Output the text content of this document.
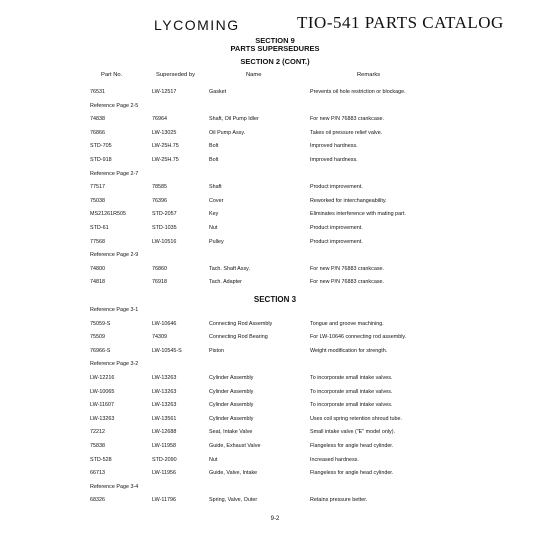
LYCOMING	TIO-541 PARTS CATALOG
SECTION 9
PARTS SUPERSEDURES
SECTION 2 (CONT.)
Part No.	Superseded by	Name	Remarks
76531	LW-12517	Gasket	Prevents oil hole restriction or blockage.
Reference Page 2-5
74838	76964	Shaft, Oil Pump Idler	For new P/N 76883 crankcase.
76866	LW-13025	Oil Pump Assy.	Takes oil pressure relief valve.
STD-705	LW-25H.75	Bolt	Improved hardness.
STD-918	LW-25H.75	Bolt	Improved hardness.
Reference Page 2-7
77517	78585	Shaft	Product improvement.
75038	76396	Cover	Reworked for interchangeability.
MS21261R505	STD-2057	Key	Eliminates interference with mating part.
STD-61	STD-1035	Nut	Product improvement.
77568	LW-10516	Pulley	Product improvement.
Reference Page 2-9
74800	76860	Tach. Shaft Assy.	For new P/N 76883 crankcase.
74818	76918	Tach. Adapter	For new P/N 76883 crankcase.
SECTION 3
Reference Page 3-1
75059-S	LW-10646	Connecting Rod Assembly	Tongue and groove machining.
75509	74309	Connecting Rod Bearing	For LW-10646 connecting rod assembly.
76966-S	LW-10545-S	Piston	Weight modification for strength.
Reference Page 3-2
LW-12216	LW-13263	Cylinder Assembly	To incorporate small intake valves.
LW-10065	LW-13263	Cylinder Assembly	To incorporate small intake valves.
LW-11607	LW-13263	Cylinder Assembly	To incorporate small intake valves.
LW-13263	LW-13561	Cylinder Assembly	Uses coil spring retention shroud tube.
72212	LW-12688	Seat, Intake Valve	Small intake valve ("E" model only).
75838	LW-11958	Guide, Exhaust Valve	Flangeless for angle head cylinder.
STD-528	STD-2090	Nut	Increased hardness.
66713	LW-11956	Guide, Valve, Intake	Flangeless for angle head cylinder.
Reference Page 3-4
68326	LW-11796	Spring, Valve, Outer	Retains pressure better.
9-2
